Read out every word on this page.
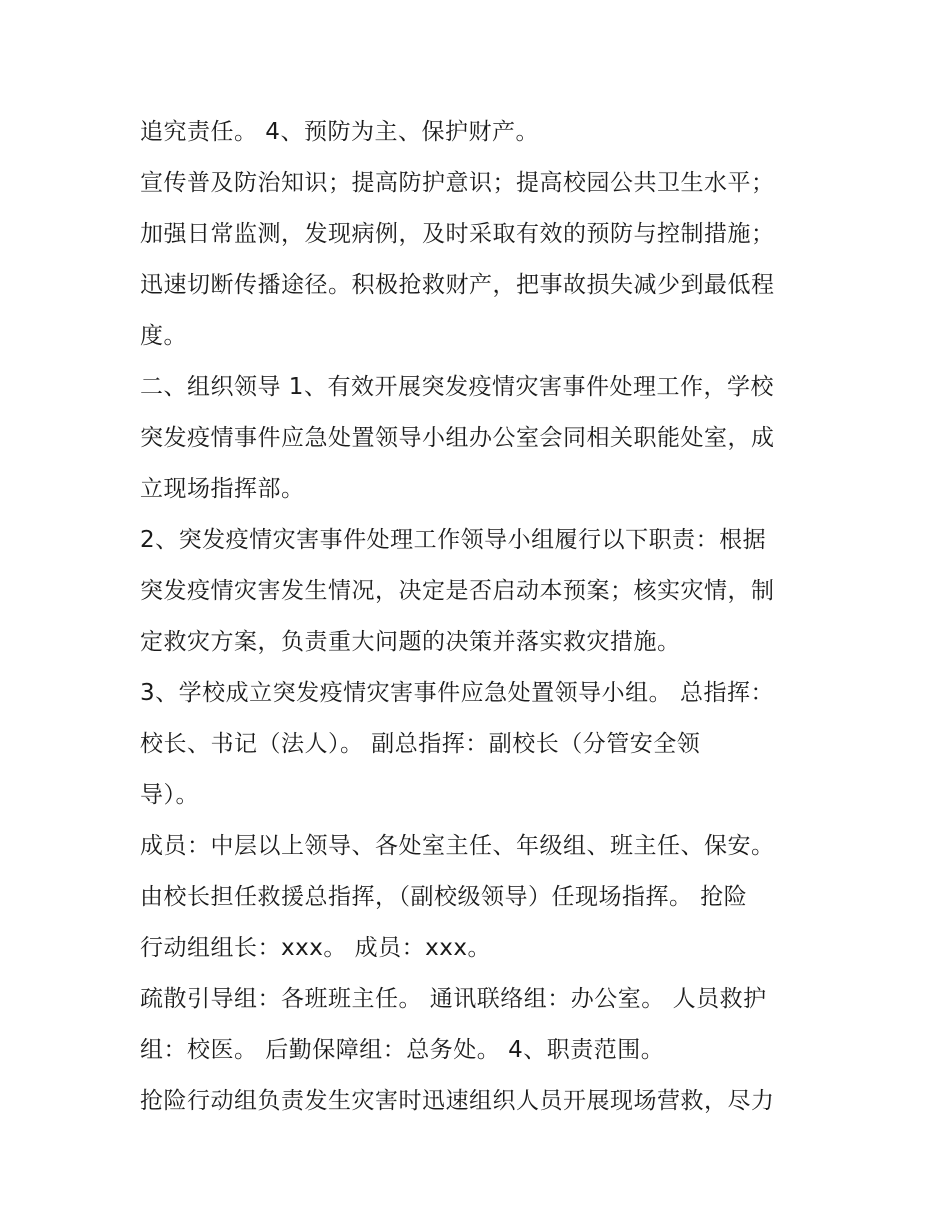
追究责任。 4、预防为主、保护财产。
宣传普及防治知识；提高防护意识；提高校园公共卫生水平；
加强日常监测，发现病例，及时采取有效的预防与控制措施；
迅速切断传播途径。积极抢救财产，把事故损失减少到最低程
度。
二、组织领导 1、有效开展突发疫情灾害事件处理工作，学校
突发疫情事件应急处置领导小组办公室会同相关职能处室，成
立现场指挥部。
2、突发疫情灾害事件处理工作领导小组履行以下职责：根据
突发疫情灾害发生情况，决定是否启动本预案；核实灾情，制
定救灾方案，负责重大问题的决策并落实救灾措施。
3、学校成立突发疫情灾害事件应急处置领导小组。 总指挥：
校长、书记（法人）。 副总指挥：副校长（分管安全领
导）。
成员：中层以上领导、各处室主任、年级组、班主任、保安。
由校长担任救援总指挥，（副校级领导）任现场指挥。 抢险
行动组组长：xxx。 成员：xxx。
疏散引导组：各班班主任。 通讯联络组：办公室。 人员救护
组：校医。 后勤保障组：总务处。 4、职责范围。
抢险行动组负责发生灾害时迅速组织人员开展现场营救，尽力
